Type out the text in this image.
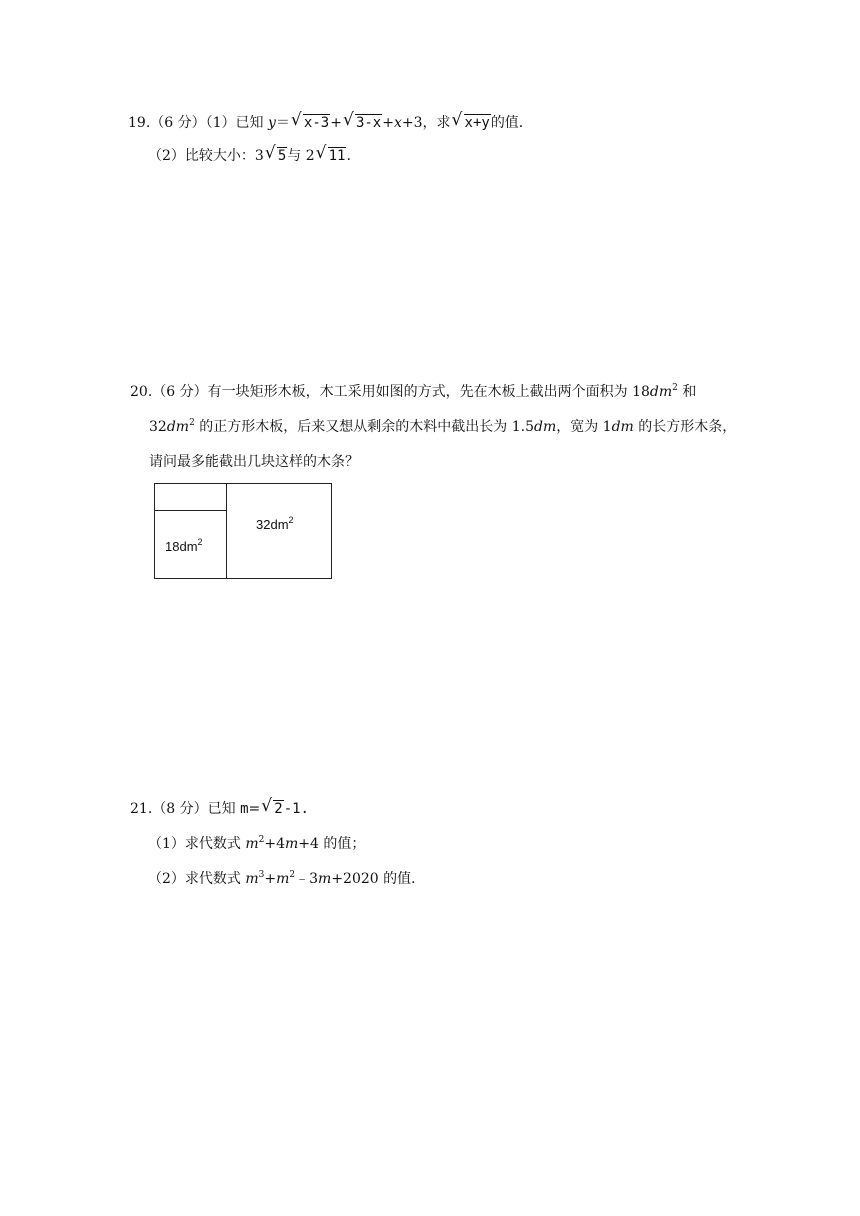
19.（6 分）（1）已知 y＝ √ x-3+ √ 3-x+x+3，求 √ x+y的值．
（2）比较大小：3 √ 5与 2 √ 11.
20.（6 分）有一块矩形木板，木工采用如图的方式，先在木板上截出两个面积为 $18dm^2$ 和
$32dm^2$ 的正方形木板，后来又想从剩余的木料中截出长为 1.5dm，宽为 1dm 的长方形木条，
请问最多能截出几块这样的木条？
$18dm^2$
$32dm^2$
21.（8 分）已知 m= √ 2-1.
（1）求代数式 $m^2+4m+4$ 的值；
（2）求代数式 $m^3+m^2﹣3m+2020$ 的值．
